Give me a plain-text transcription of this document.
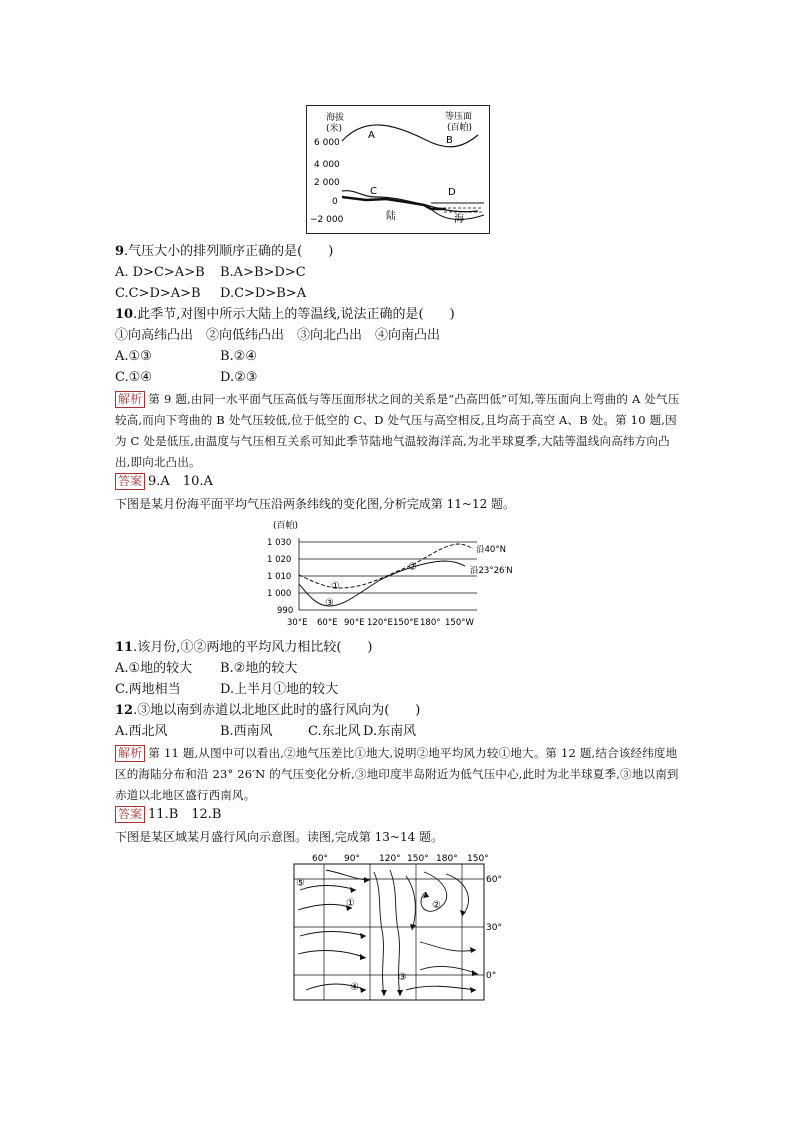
海拔
(米)
等压面
(百帕)
6 000
4 000
2 000
0
−2 000
A	B
C	D
陆	海
9.气压大小的排列顺序正确的是(　　)
A. D>C>A>B B.A>B>D>C
C.C>D>A>B D.C>D>B>A
10.此季节,对图中所示大陆上的等温线,说法正确的是(　　)
①向高纬凸出　②向低纬凸出　③向北凸出　④向南凸出
A.①③	B.②④
C.①④	D.②③
解析 第 9 题,由同一水平面气压高低与等压面形状之间的关系是“凸高凹低”可知,等压面向上弯曲的 A 处气压较高,而向下弯曲的 B 处气压较低,位于低空的 C、D 处气压与高空相反,且均高于高空 A、B 处。第 10 题,因为 C 处是低压,由温度与气压相互关系可知此季节陆地气温较海洋高,为北半球夏季,大陆等温线向高纬方向凸出,即向北凸出。
答案 9.A　10.A
下图是某月份海平面平均气压沿两条纬线的变化图,分析完成第 11~12 题。
(百帕)
1 030
1 020
1 010
1 000
990
30°E 60°E 90°E 120°E 150°E 180° 150°W
沿40°N
沿23°26′N
①
②
③
11.该月份,①②两地的平均风力相比较(　　)
A.①地的较大 B.②地的较大
C.两地相当	D.上半月①地的较大
12.③地以南到赤道以北地区此时的盛行风向为(　　)
A.西北风	B.西南风	C.东北风 D.东南风
解析 第 11 题,从图中可以看出,②地气压差比①地大,说明②地平均风力较①地大。第 12 题,结合该经纬度地区的海陆分布和沿 23° 26′N 的气压变化分析,③地印度半岛附近为低气压中心,此时为北半球夏季,③地以南到赤道以北地区盛行西南风。
答案 11.B　12.B
下图是某区域某月盛行风向示意图。读图,完成第 13~14 题。
60° 90° 120° 150° 180° 150°
60°
30°
0°
⑤
①	②
③
④
